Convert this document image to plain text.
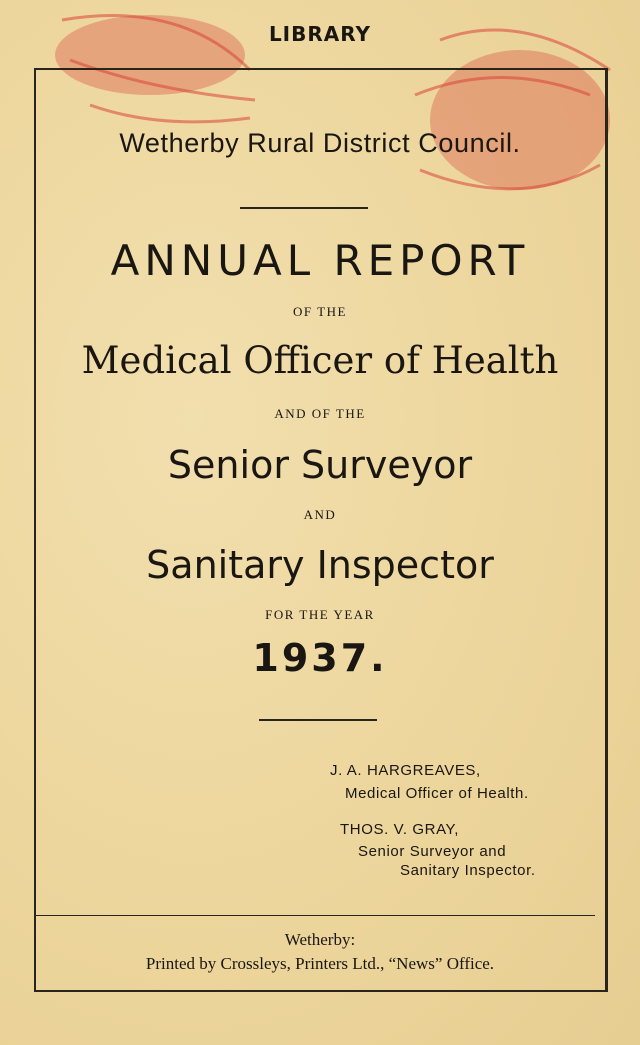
LIBRARY
Wetherby Rural District Council.
ANNUAL REPORT
OF THE
Medical Officer of Health
AND OF THE
Senior Surveyor
AND
Sanitary Inspector
FOR THE YEAR
1937.
J. A. HARGREAVES,
Medical Officer of Health.
THOS. V. GRAY,
Senior Surveyor and
Sanitary Inspector.
Wetherby:
Printed by Crossleys, Printers Ltd., “News” Office.
